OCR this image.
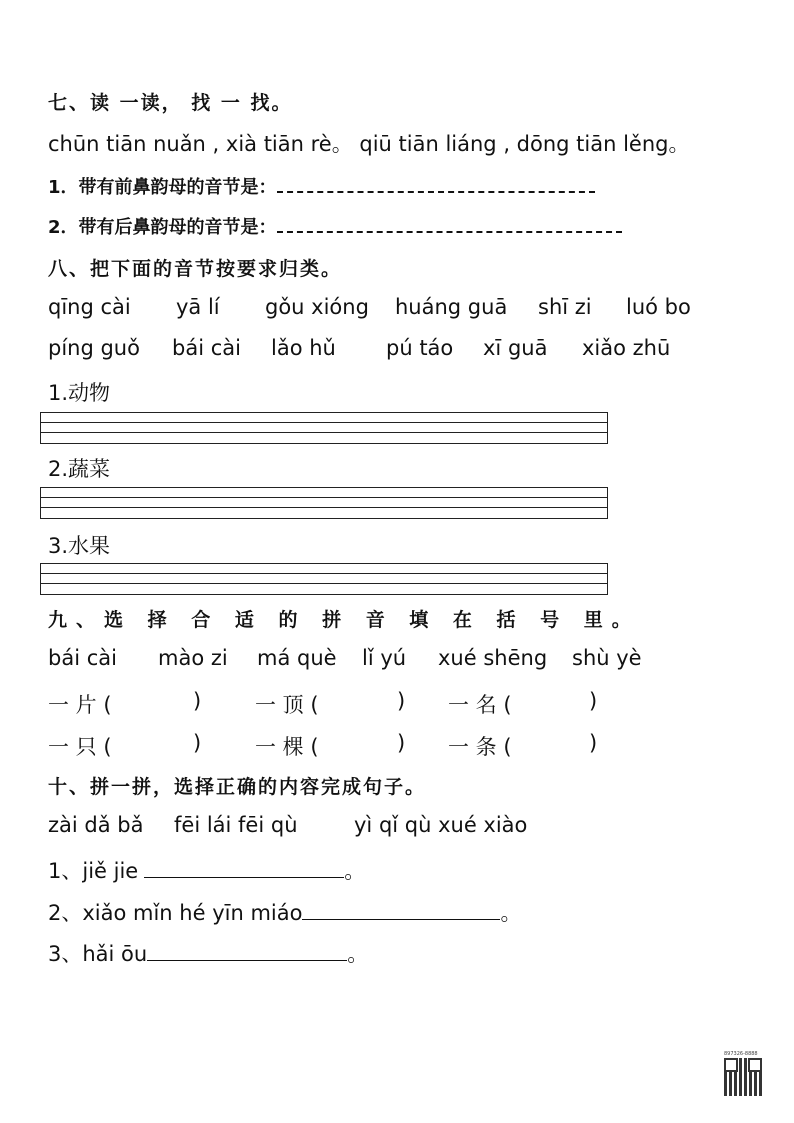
七、读 一读， 找 一 找。
chūn tiān nuǎn , xià tiān rè。 qiū tiān liáng , dōng tiān lěng。
1．带有前鼻韵母的音节是：
2．带有后鼻韵母的音节是：
八、把下面的音节按要求归类。
qīng cài yā lí gǒu xióng huáng guā shī zi luó bo
píng guǒ bái cài lǎo hǔ pú táo xī guā xiǎo zhū
1.动物
2.蔬菜
3.水果
九、选 择 合 适 的 拼 音 填 在 括 号 里。
bái cài mào zi má què lǐ yú xué shēng shù yè
一 片 (	)	一 顶 (	) 一 名 (	)
一 只 (	)	一 棵 (	) 一 条 (	)
十、拼一拼，选择正确的内容完成句子。
zài dǎ bǎ fēi lái fēi qù	yì qǐ qù xué xiào
1、jiě jie	。
2、xiǎo mǐn hé yīn miáo	。
3、hǎi ōu	。
897326-8888
